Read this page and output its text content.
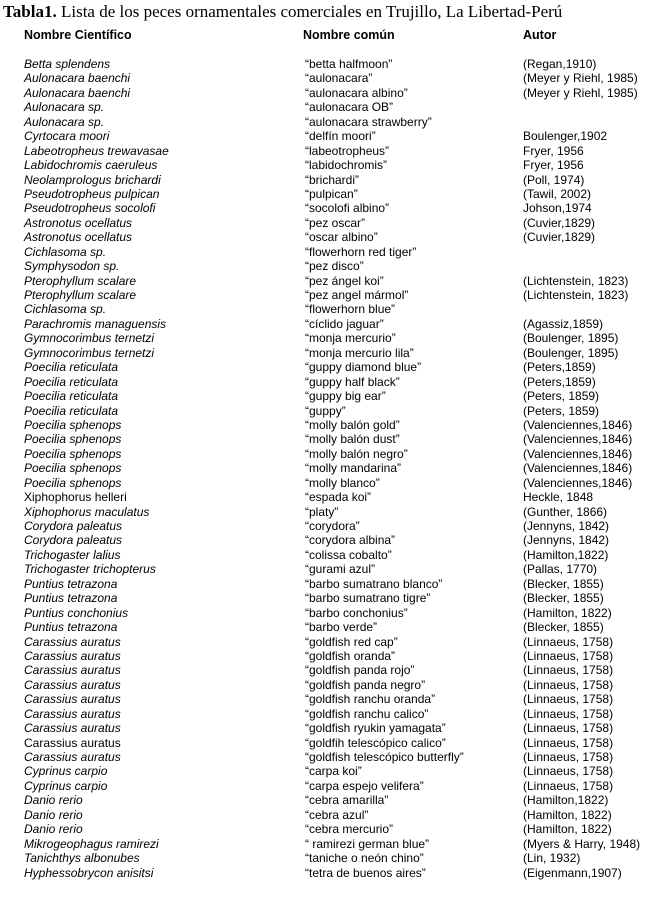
Tabla1. Lista de los peces ornamentales comerciales en Trujillo, La Libertad-Perú
Nombre Científico	Nombre común	Autor
Betta splendens	“betta halfmoon”	(Regan,1910)
Aulonacara baenchi	“aulonacara”	(Meyer y Riehl, 1985)
Aulonacara baenchi	“aulonacara albino”	(Meyer y Riehl, 1985)
Aulonacara sp.	“aulonacara OB”
Aulonacara sp.	“aulonacara strawberry”
Cyrtocara moori	“delfín moori”	Boulenger,1902
Labeotropheus trewavasae	“labeotropheus”	Fryer, 1956
Labidochromis caeruleus	“labidochromis”	Fryer, 1956
Neolamprologus brichardi	“brichardi”	(Poll, 1974)
Pseudotropheus pulpican	“pulpican”	(Tawil, 2002)
Pseudotropheus socolofi	“socolofi albino”	Johson,1974
Astronotus ocellatus	“pez oscar”	(Cuvier,1829)
Astronotus ocellatus	“oscar albino”	(Cuvier,1829)
Cichlasoma sp.	“flowerhorn red tiger”
Symphysodon sp.	“pez disco”
Pterophyllum scalare	“pez ángel koi”	(Lichtenstein, 1823)
Pterophyllum scalare	“pez angel mármol”	(Lichtenstein, 1823)
Cichlasoma sp.	“flowerhorn blue”
Parachromis managuensis	“cíclido jaguar”	(Agassiz,1859)
Gymnocorimbus ternetzi	“monja mercurio”	(Boulenger, 1895)
Gymnocorimbus ternetzi	“monja mercurio lila”	(Boulenger, 1895)
Poecilia reticulata	“guppy diamond blue”	(Peters,1859)
Poecilia reticulata	“guppy half black”	(Peters,1859)
Poecilia reticulata	“guppy big ear”	(Peters, 1859)
Poecilia reticulata	“guppy”	(Peters, 1859)
Poecilia sphenops	“molly balón gold”	(Valenciennes,1846)
Poecilia sphenops	“molly balón dust”	(Valenciennes,1846)
Poecilia sphenops	“molly balón negro”	(Valenciennes,1846)
Poecilia sphenops	“molly mandarina”	(Valenciennes,1846)
Poecilia sphenops	“molly blanco”	(Valenciennes,1846)
Xiphophorus helleri	“espada koi”	Heckle, 1848
Xiphophorus maculatus	“platy”	(Gunther, 1866)
Corydora paleatus	“corydora”	(Jennyns, 1842)
Corydora paleatus	“corydora albina”	(Jennyns, 1842)
Trichogaster lalius	“colissa cobalto”	(Hamilton,1822)
Trichogaster trichopterus	“gurami azul”	(Pallas, 1770)
Puntius tetrazona	“barbo sumatrano blanco”	(Blecker, 1855)
Puntius tetrazona	“barbo sumatrano tigre”	(Blecker, 1855)
Puntius conchonius	“barbo conchonius”	(Hamilton, 1822)
Puntius tetrazona	“barbo verde”	(Blecker, 1855)
Carassius auratus	“goldfish red cap”	(Linnaeus, 1758)
Carassius auratus	“goldfish oranda”	(Linnaeus, 1758)
Carassius auratus	“goldfish panda rojo”	(Linnaeus, 1758)
Carassius auratus	“goldfish panda negro”	(Linnaeus, 1758)
Carassius auratus	“goldfish ranchu oranda”	(Linnaeus, 1758)
Carassius auratus	“goldfish ranchu calico”	(Linnaeus, 1758)
Carassius auratus	“goldfish ryukin yamagata”	(Linnaeus, 1758)
Carassius auratus	“goldfih telescópico calico”	(Linnaeus, 1758)
Carassius auratus	“goldfish telescópico butterfly”	(Linnaeus, 1758)
Cyprinus carpio	“carpa koi”	(Linnaeus, 1758)
Cyprinus carpio	“carpa espejo velifera”	(Linnaeus, 1758)
Danio rerio	“cebra amarilla”	(Hamilton,1822)
Danio rerio	“cebra azul”	(Hamilton, 1822)
Danio rerio	“cebra mercurio”	(Hamilton, 1822)
Mikrogeophagus ramirezi	“ ramirezi german blue”	(Myers & Harry, 1948)
Tanichthys albonubes	“taniche o neón chino”	(Lin, 1932)
Hyphessobrycon anisitsi	“tetra de buenos aires”	(Eigenmann,1907)
